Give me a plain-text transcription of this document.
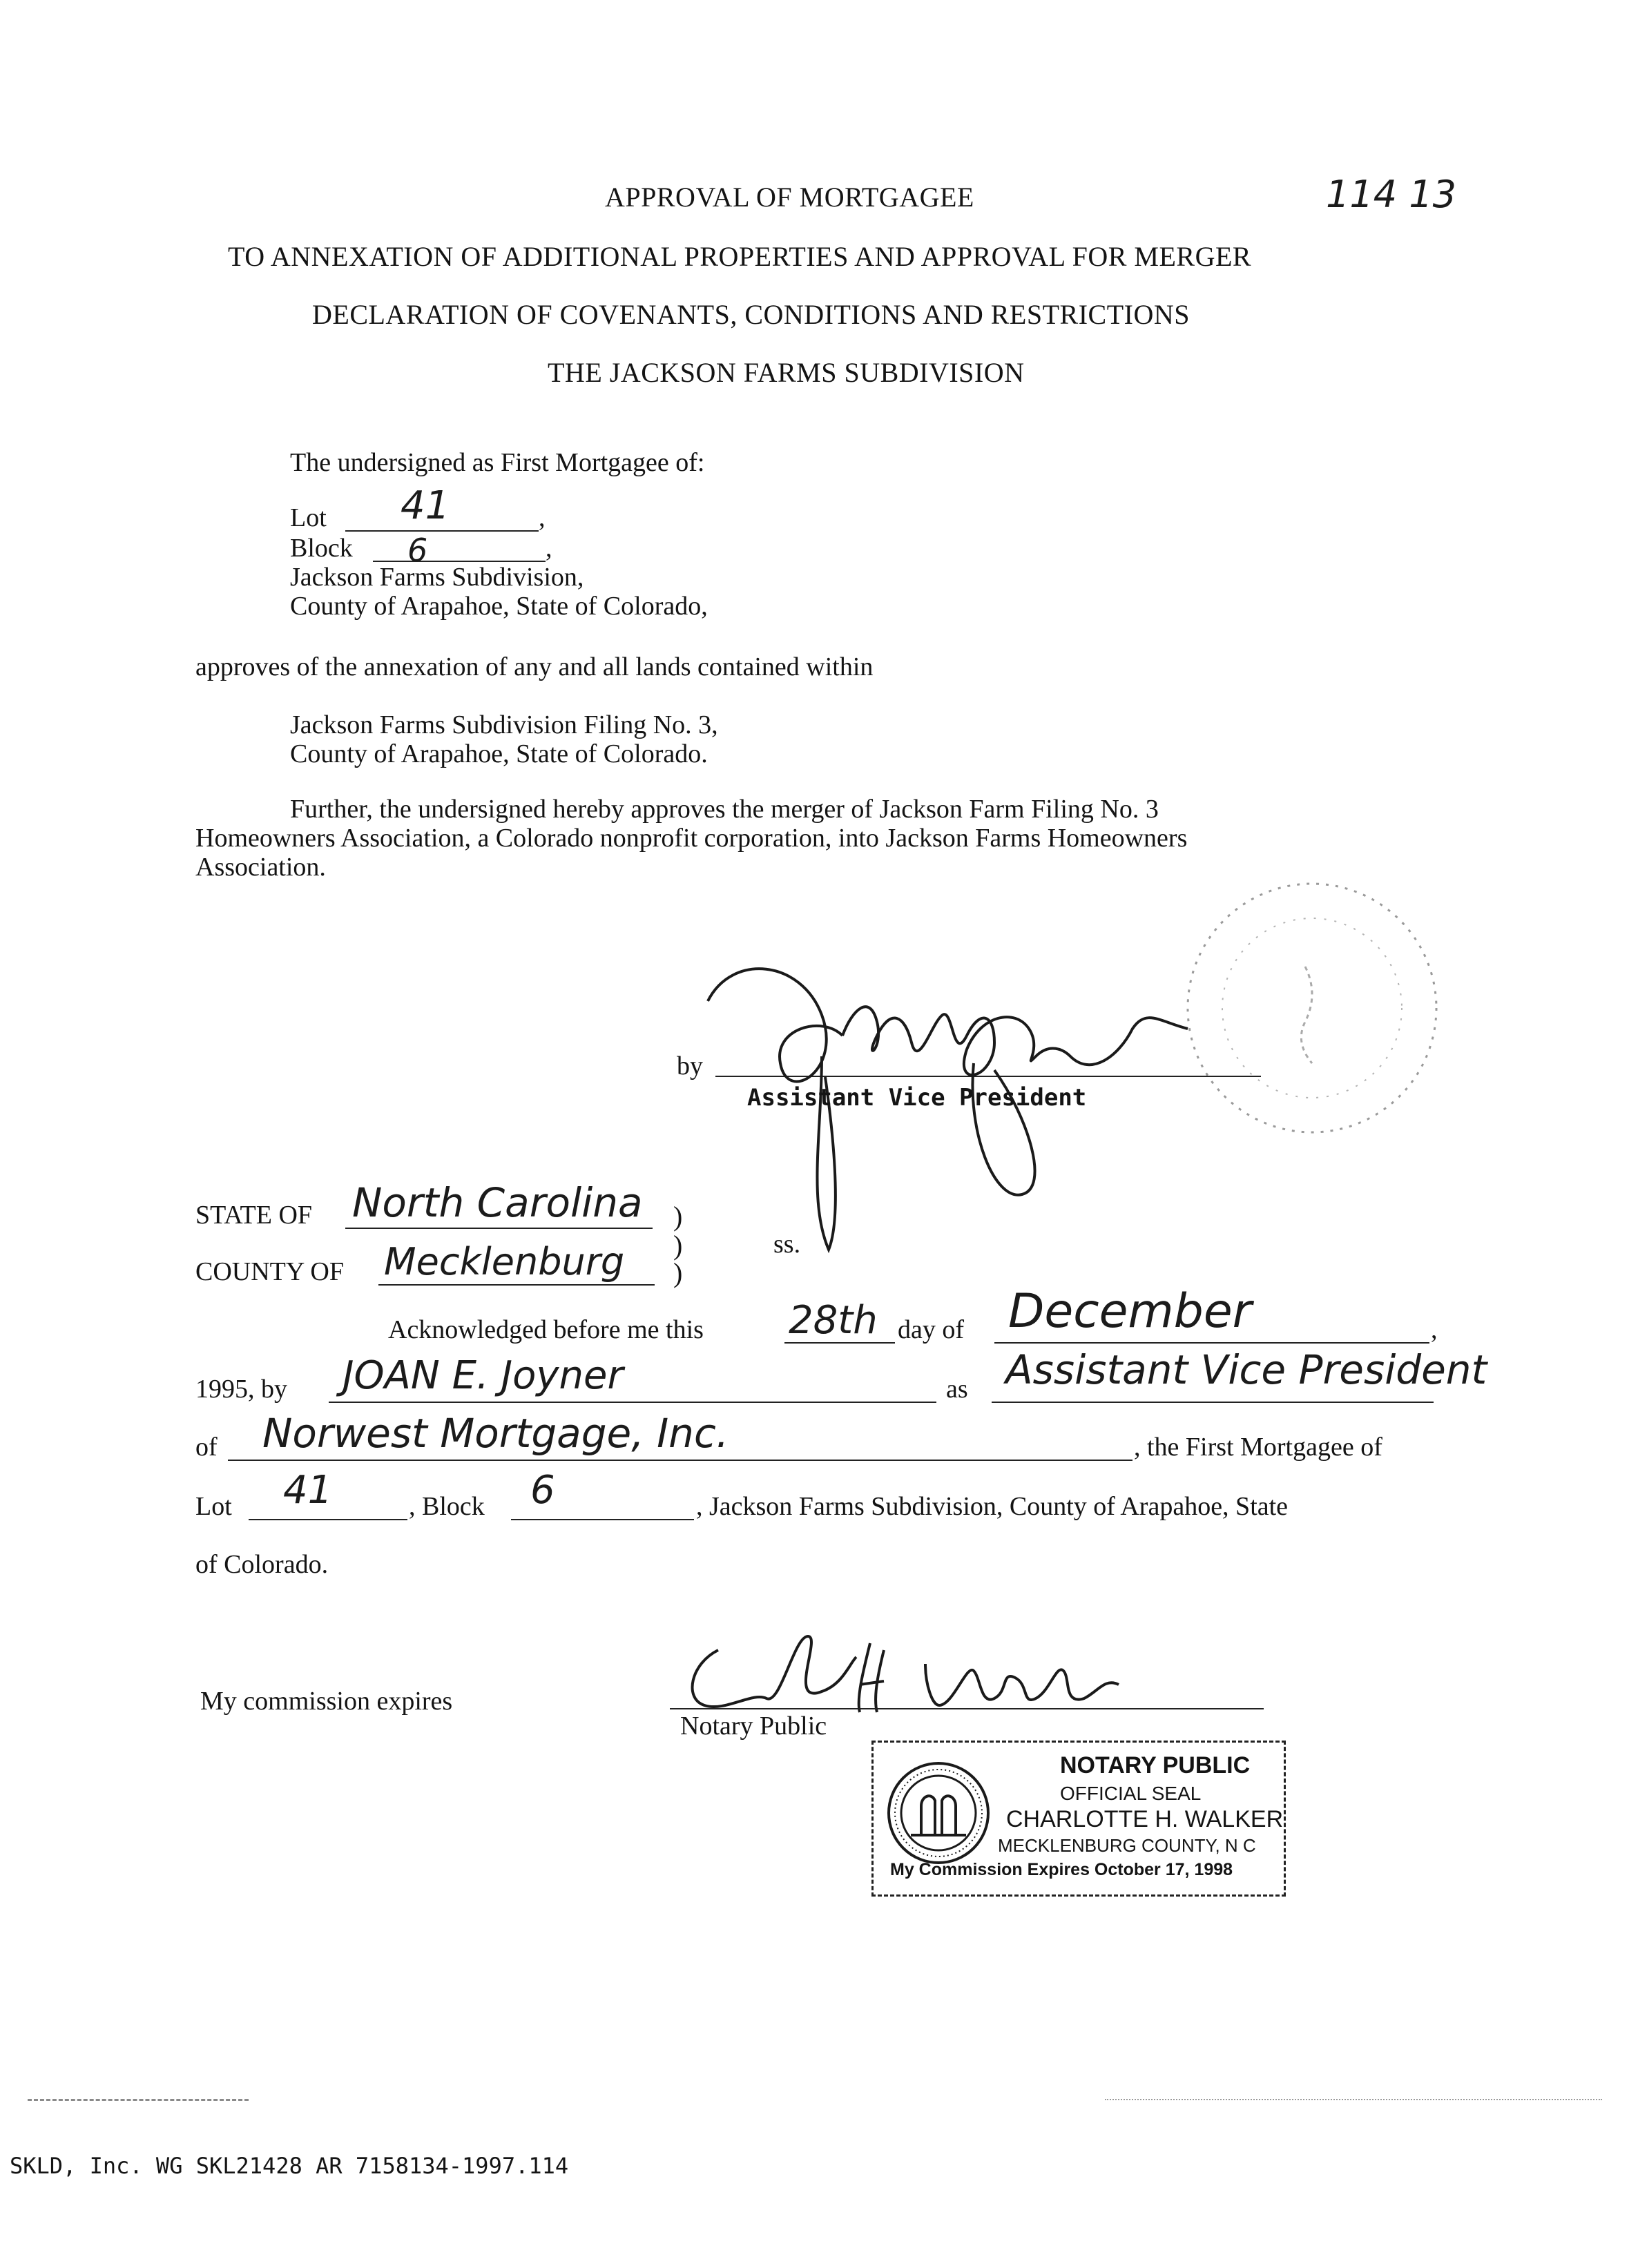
114 13
APPROVAL OF MORTGAGEE
TO ANNEXATION OF ADDITIONAL PROPERTIES AND APPROVAL FOR MERGER
DECLARATION OF COVENANTS, CONDITIONS AND RESTRICTIONS
THE JACKSON FARMS SUBDIVISION
The undersigned as First Mortgagee of:
Lot 41	,
Block 6	,
Jackson Farms Subdivision,
County of Arapahoe, State of Colorado,
approves of the annexation of any and all lands contained within
Jackson Farms Subdivision Filing No. 3,
County of Arapahoe, State of Colorado.
Further, the undersigned hereby approves the merger of Jackson Farm Filing No. 3
Homeowners Association, a Colorado nonprofit corporation, into Jackson Farms Homeowners
Association.
by
Assistant Vice President
STATE OF North Carolina
COUNTY OF Mecklenburg
)
)
)
ss.
Acknowledged before me this 28th day of December	,
1995, by JOAN E. Joyner	as Assistant Vice President
of Norwest Mortgage, Inc.	, the First Mortgagee of
Lot 41	, Block 6	, Jackson Farms Subdivision, County of Arapahoe, State
of Colorado.
My commission expires
Notary Public
NOTARY PUBLIC
OFFICIAL SEAL
CHARLOTTE H. WALKER
MECKLENBURG COUNTY, N C
My Commission Expires October 17, 1998
SKLD, Inc. WG SKL21428 AR 7158134-1997.114
